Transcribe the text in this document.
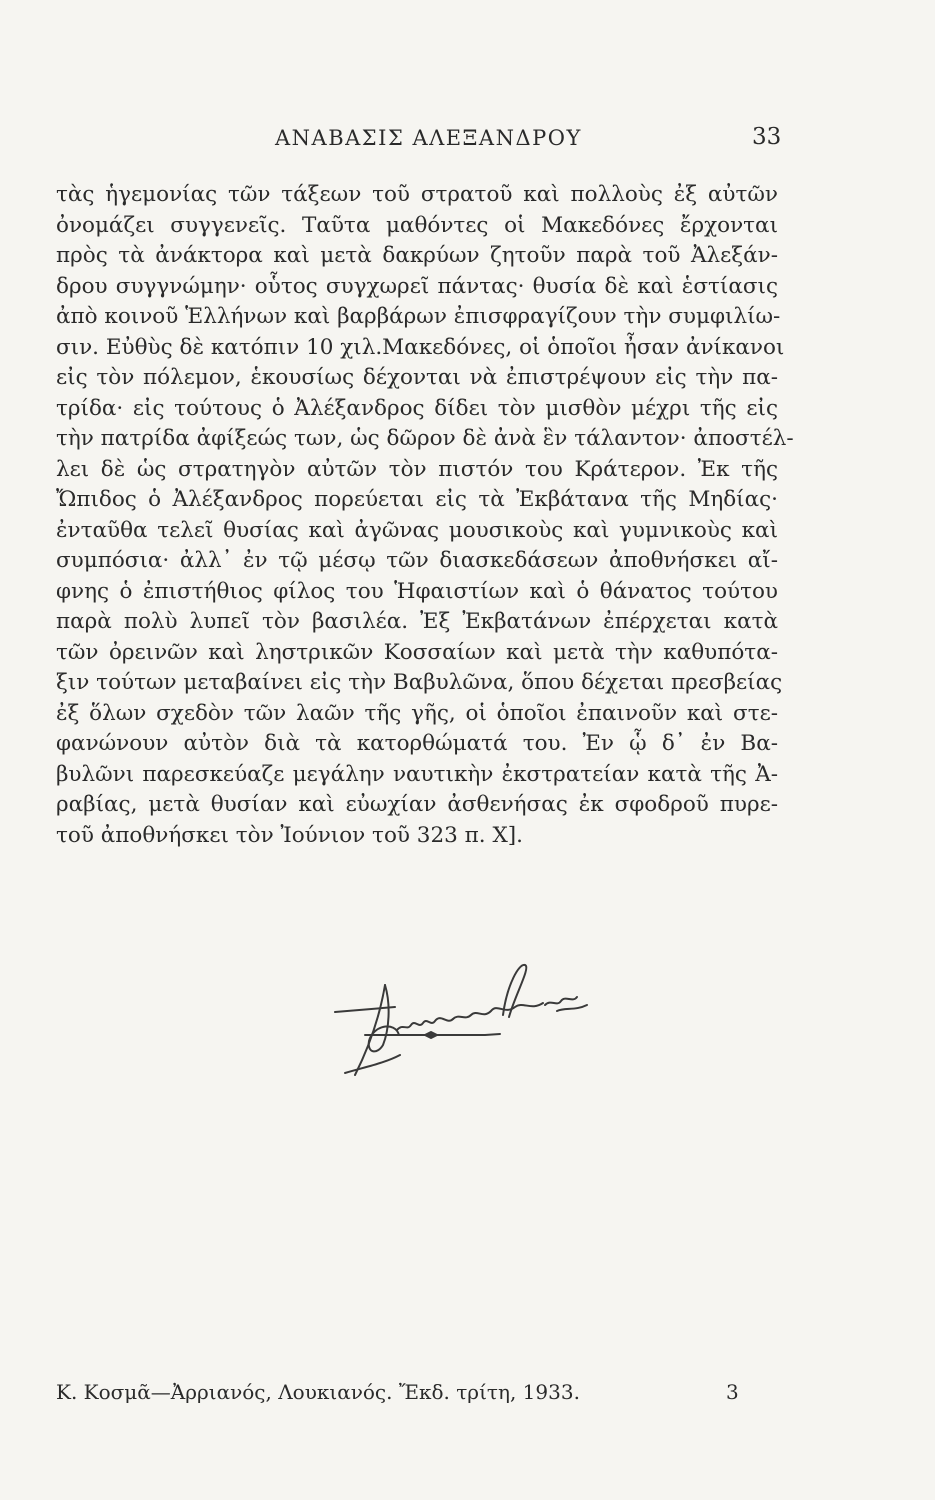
ΑΝΑΒΑΣΙΣ ΑΛΕΞΑΝΔΡΟΥ	33
τὰς ἡγεμονίας τῶν τάξεων τοῦ στρατοῦ καὶ πολλοὺς ἐξ αὐτῶν
ὀνομάζει συγγενεῖς. Ταῦτα μαθόντες οἱ Μακεδόνες ἔρχονται
πρὸς τὰ ἀνάκτορα καὶ μετὰ δακρύων ζητοῦν παρὰ τοῦ Ἀλεξάν-
δρου συγγνώμην· οὗτος συγχωρεῖ πάντας· θυσία δὲ καὶ ἑστίασις
ἀπὸ κοινοῦ Ἑλλήνων καὶ βαρβάρων ἐπισφραγίζουν τὴν συμφιλίω-
σιν. Εὐθὺς δὲ κατόπιν 10 χιλ.Μακεδόνες, οἱ ὁποῖοι ἦσαν ἀνίκανοι
εἰς τὸν πόλεμον, ἑκουσίως δέχονται νὰ ἐπιστρέψουν εἰς τὴν πα-
τρίδα· εἰς τούτους ὁ Ἀλέξανδρος δίδει τὸν μισθὸν μέχρι τῆς εἰς
τὴν πατρίδα ἀφίξεώς των, ὡς δῶρον δὲ ἀνὰ ἓν τάλαντον· ἀποστέλ-
λει δὲ ὡς στρατηγὸν αὐτῶν τὸν πιστόν του Κράτερον. Ἐκ τῆς
Ὤπιδος ὁ Ἀλέξανδρος πορεύεται εἰς τὰ Ἐκβάτανα τῆς Μηδίας·
ἐνταῦθα τελεῖ θυσίας καὶ ἀγῶνας μουσικοὺς καὶ γυμνικοὺς καὶ
συμπόσια· ἀλλ᾿ ἐν τῷ μέσῳ τῶν διασκεδάσεων ἀποθνήσκει αἴ-
φνης ὁ ἐπιστήθιος φίλος του Ἡφαιστίων καὶ ὁ θάνατος τούτου
παρὰ πολὺ λυπεῖ τὸν βασιλέα. Ἐξ Ἐκβατάνων ἐπέρχεται κατὰ
τῶν ὀρεινῶν καὶ ληστρικῶν Κοσσαίων καὶ μετὰ τὴν καθυπότα-
ξιν τούτων μεταβαίνει εἰς τὴν Βαβυλῶνα, ὅπου δέχεται πρεσβείας
ἐξ ὅλων σχεδὸν τῶν λαῶν τῆς γῆς, οἱ ὁποῖοι ἐπαινοῦν καὶ στε-
φανώνουν αὐτὸν διὰ τὰ κατορθώματά του. Ἐν ᾧ δ᾿ ἐν Βα-
βυλῶνι παρεσκεύαζε μεγάλην ναυτικὴν ἐκστρατείαν κατὰ τῆς Ἀ-
ραβίας, μετὰ θυσίαν καὶ εὐωχίαν ἀσθενήσας ἐκ σφοδροῦ πυρε-
τοῦ ἀποθνήσκει τὸν Ἰούνιον τοῦ 323 π. Χ].
Κ. Κοσμᾶ—Ἀρριανός, Λουκιανός. Ἔκδ. τρίτη, 1933.	3
